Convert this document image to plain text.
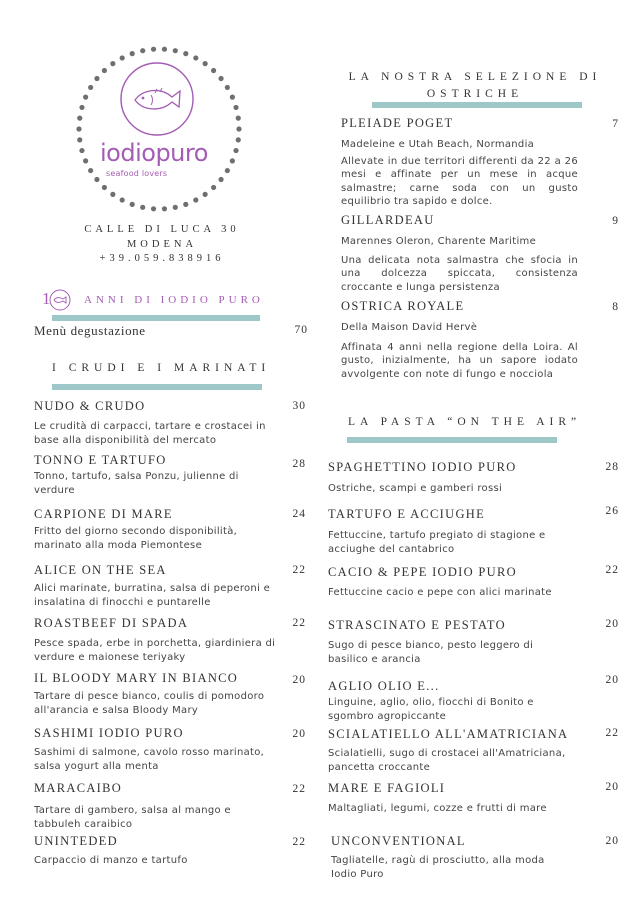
iodiopuro
seafood lovers
CALLE DI LUCA 30
MODENA
+39.059.838916
1	ANNI DI IODIO PURO
Menù degustazione	70
I CRUDI E I MARINATI
NUDO & CRUDO	30
Le crudità di carpacci, tartare e crostacei in base alla disponibilità del mercato
TONNO E TARTUFO	28
Tonno, tartufo, salsa Ponzu, julienne di verdure
CARPIONE DI MARE	24
Fritto del giorno secondo disponibilità, marinato alla moda Piemontese
ALICE ON THE SEA	22
Alici marinate, burratina, salsa di peperoni e insalatina di finocchi e puntarelle
ROASTBEEF DI SPADA	22
Pesce spada, erbe in porchetta, giardiniera di verdure e maionese teriyaky
IL BLOODY MARY IN BIANCO	20
Tartare di pesce bianco, coulis di pomodoro all'arancia e salsa Bloody Mary
SASHIMI IODIO PURO	20
Sashimi di salmone, cavolo rosso marinato, salsa yogurt alla menta
MARACAIBO	22
Tartare di gambero, salsa al mango e tabbuleh caraibico
UNINTEDED	22
Carpaccio di manzo e tartufo
LA NOSTRA SELEZIONE DI
OSTRICHE
PLEIADE POGET	7
Madeleine e Utah Beach, Normandia
Allevate in due territori differenti da 22 a 26 mesi e affinate per un mese in acque salmastre; carne soda con un gusto equilibrio tra sapido e dolce.
GILLARDEAU	9
Marennes Oleron, Charente Maritime
Una delicata nota salmastra che sfocia in una dolcezza spiccata, consistenza croccante e lunga persistenza
OSTRICA ROYALE	8
Della Maison David Hervè
Affinata 4 anni nella regione della Loira. Al gusto, inizialmente, ha un sapore iodato avvolgente con note di fungo e nocciola
LA PASTA “ON THE AIR”
SPAGHETTINO IODIO PURO	28
Ostriche, scampi e gamberi rossi
TARTUFO E ACCIUGHE	26
Fettuccine, tartufo pregiato di stagione e acciughe del cantabrico
CACIO & PEPE IODIO PURO	22
Fettuccine cacio e pepe con alici marinate
STRASCINATO E PESTATO	20
Sugo di pesce bianco, pesto leggero di basilico e arancia
AGLIO OLIO E...	20
Linguine, aglio, olio, fiocchi di Bonito e sgombro agropiccante
SCIALATIELLO ALL'AMATRICIANA	22
Scialatielli, sugo di crostacei all'Amatriciana, pancetta croccante
MARE E FAGIOLI	20
Maltagliati, legumi, cozze e frutti di mare
UNCONVENTIONAL	20
Tagliatelle, ragù di prosciutto, alla moda Iodio Puro
